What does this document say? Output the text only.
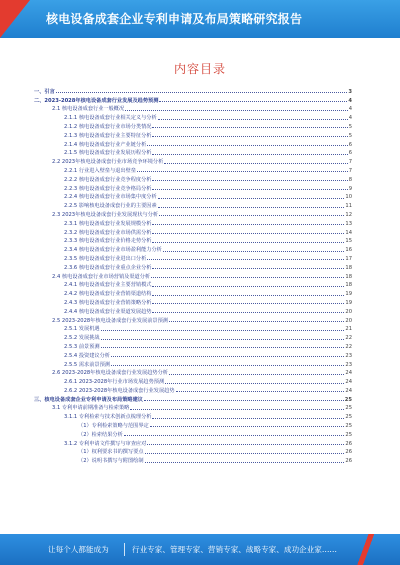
核电设备成套企业专利申请及布局策略研究报告
内容目录
一、引言	3
二、2023-2028年核电设备成套行业发展及趋势预测	4
2.1 核电设备成套行业一般概况	4
2.1.1 核电设备成套行业相关定义与分析	4
2.1.2 核电设备成套行业市场分类情况	5
2.1.3 核电设备成套行业主要特征分析	5
2.1.4 核电设备成套行业产业链分析	6
2.1.5 核电设备成套行业发展历程分析	6
2.2 2023年核电设备成套行业市场竞争环境分析	7
2.2.1 行业进入壁垒与退出壁垒	7
2.2.2 核电设备成套行业竞争程度分析	8
2.2.3 核电设备成套行业竞争格局分析	9
2.2.4 核电设备成套行业市场集中度分析	10
2.2.5 影响核电设备成套行业的主要因素	11
2.3 2023年核电设备成套行业发展现状与分析	12
2.3.1 核电设备成套行业发展规模分析	13
2.3.2 核电设备成套行业市场供需分析	14
2.3.3 核电设备成套行业价格走势分析	15
2.3.4 核电设备成套行业市场盈利能力分析	16
2.3.5 核电设备成套行业进出口分析	17
2.3.6 核电设备成套行业重点企业分析	18
2.4 核电设备成套行业市场营销及渠道分析	18
2.4.1 核电设备成套行业主要营销模式	18
2.4.2 核电设备成套行业营销渠道结构	19
2.4.3 核电设备成套行业营销策略分析	19
2.4.4 核电设备成套行业渠道发展趋势	20
2.5 2023-2028年核电设备成套行业发展前景预测	20
2.5.1 发展机遇	21
2.5.2 发展挑战	22
2.5.3 前景预测	22
2.5.4 投资建议分析	23
2.5.5 需求前景预测	23
2.6 2023-2028年核电设备成套行业发展趋势分析	24
2.6.1 2023-2028年行业市场发展趋势预测	24
2.6.2 2023-2028年核电设备成套行业发展趋势	24
三、核电设备成套企业专利申请及布局策略建议	25
3.1 专利申请前期准备与检索策略	25
3.1.1 专利检索与技术创新点梳理分析	25
（1）专利检索策略与范围界定	25
（2）检索结果分析	25
3.1.2 专利申请文件撰写与审查应对	26
（1）权利要求书的撰写要点	26
（2）说明书撰写与附图绘制	26
让每个人都能成为	行业专家、管理专家、营销专家、战略专家、成功企业家……
